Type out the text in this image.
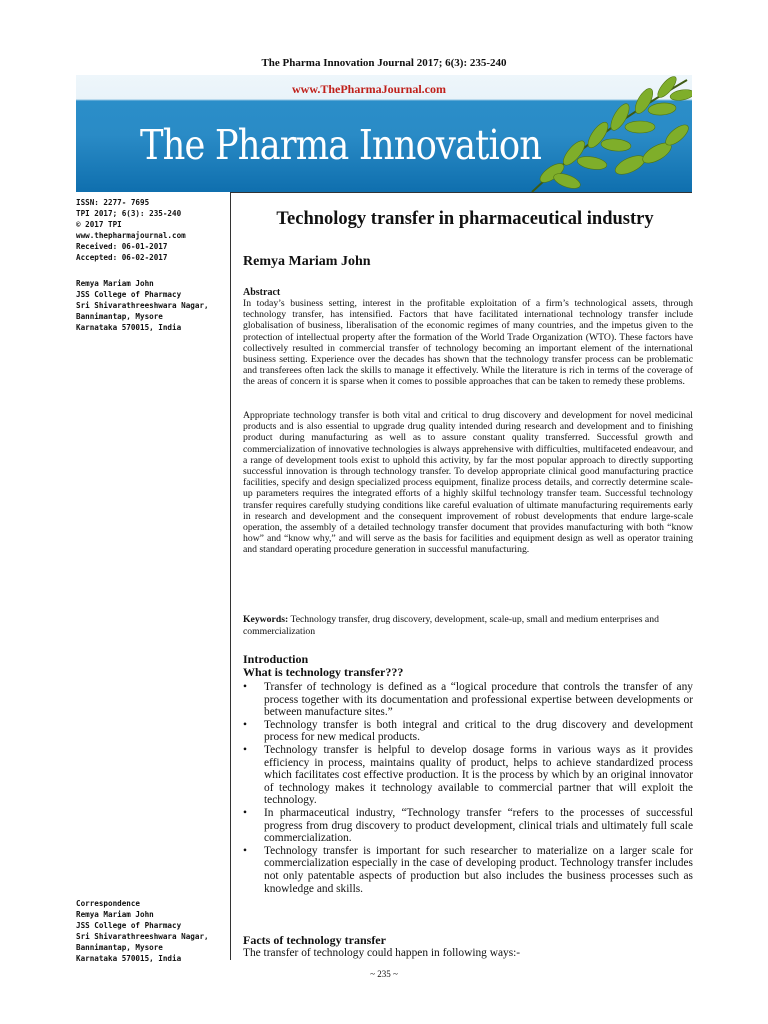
The Pharma Innovation Journal 2017; 6(3): 235-240
www.ThePharmaJournal.com
The Pharma Innovation
ISSN: 2277- 7695
TPI 2017; 6(3): 235-240
© 2017 TPI
www.thepharmajournal.com
Received: 06-01-2017
Accepted: 06-02-2017
Remya Mariam John
JSS College of Pharmacy
Sri Shivarathreeshwara Nagar,
Bannimantap, Mysore
Karnataka 570015, India
Correspondence
Remya Mariam John
JSS College of Pharmacy
Sri Shivarathreeshwara Nagar,
Bannimantap, Mysore
Karnataka 570015, India
Technology transfer in pharmaceutical industry
Remya Mariam John
Abstract

In today’s business setting, interest in the profitable exploitation of a firm’s technological assets, through technology transfer, has intensified. Factors that have facilitated international technology transfer include globalisation of business, liberalisation of the economic regimes of many countries, and the impetus given to the protection of intellectual property after the formation of the World Trade Organization (WTO). These factors have collectively resulted in commercial transfer of technology becoming an important element of the international business setting. Experience over the decades has shown that the technology transfer process can be problematic and transferees often lack the skills to manage it effectively. While the literature is rich in terms of the coverage of the areas of concern it is sparse when it comes to possible approaches that can be taken to remedy these problems.

Appropriate technology transfer is both vital and critical to drug discovery and development for novel medicinal products and is also essential to upgrade drug quality intended during research and development and to finishing product during manufacturing as well as to assure constant quality transferred. Successful growth and commercialization of innovative technologies is always apprehensive with difficulties, multifaceted endeavour, and a range of development tools exist to uphold this activity, by far the most popular approach to directly supporting successful innovation is through technology transfer. To develop appropriate clinical good manufacturing practice facilities, specify and design specialized process equipment, finalize process details, and correctly determine scale-up parameters requires the integrated efforts of a highly skilful technology transfer team. Successful technology transfer requires carefully studying conditions like careful evaluation of ultimate manufacturing requirements early in research and development and the consequent improvement of robust developments that endure large-scale operation, the assembly of a detailed technology transfer document that provides manufacturing with both “know how” and “know why,” and will serve as the basis for facilities and equipment design as well as operator training and standard operating procedure generation in successful manufacturing.

Keywords: Technology transfer, drug discovery, development, scale-up, small and medium enterprises and commercialization
Introduction
What is technology transfer???
• Transfer of technology is defined as a “logical procedure that controls the transfer of any process together with its documentation and professional expertise between developments or between manufacture sites.”
• Technology transfer is both integral and critical to the drug discovery and development process for new medical products.
• Technology transfer is helpful to develop dosage forms in various ways as it provides efficiency in process, maintains quality of product, helps to achieve standardized process which facilitates cost effective production. It is the process by which by an original innovator of technology makes it technology available to commercial partner that will exploit the technology.
• In pharmaceutical industry, “Technology transfer “refers to the processes of successful progress from drug discovery to product development, clinical trials and ultimately full scale commercialization.
• Technology transfer is important for such researcher to materialize on a larger scale for commercialization especially in the case of developing product. Technology transfer includes not only patentable aspects of production but also includes the business processes such as knowledge and skills.
Facts of technology transfer
The transfer of technology could happen in following ways:-
~ 235 ~
